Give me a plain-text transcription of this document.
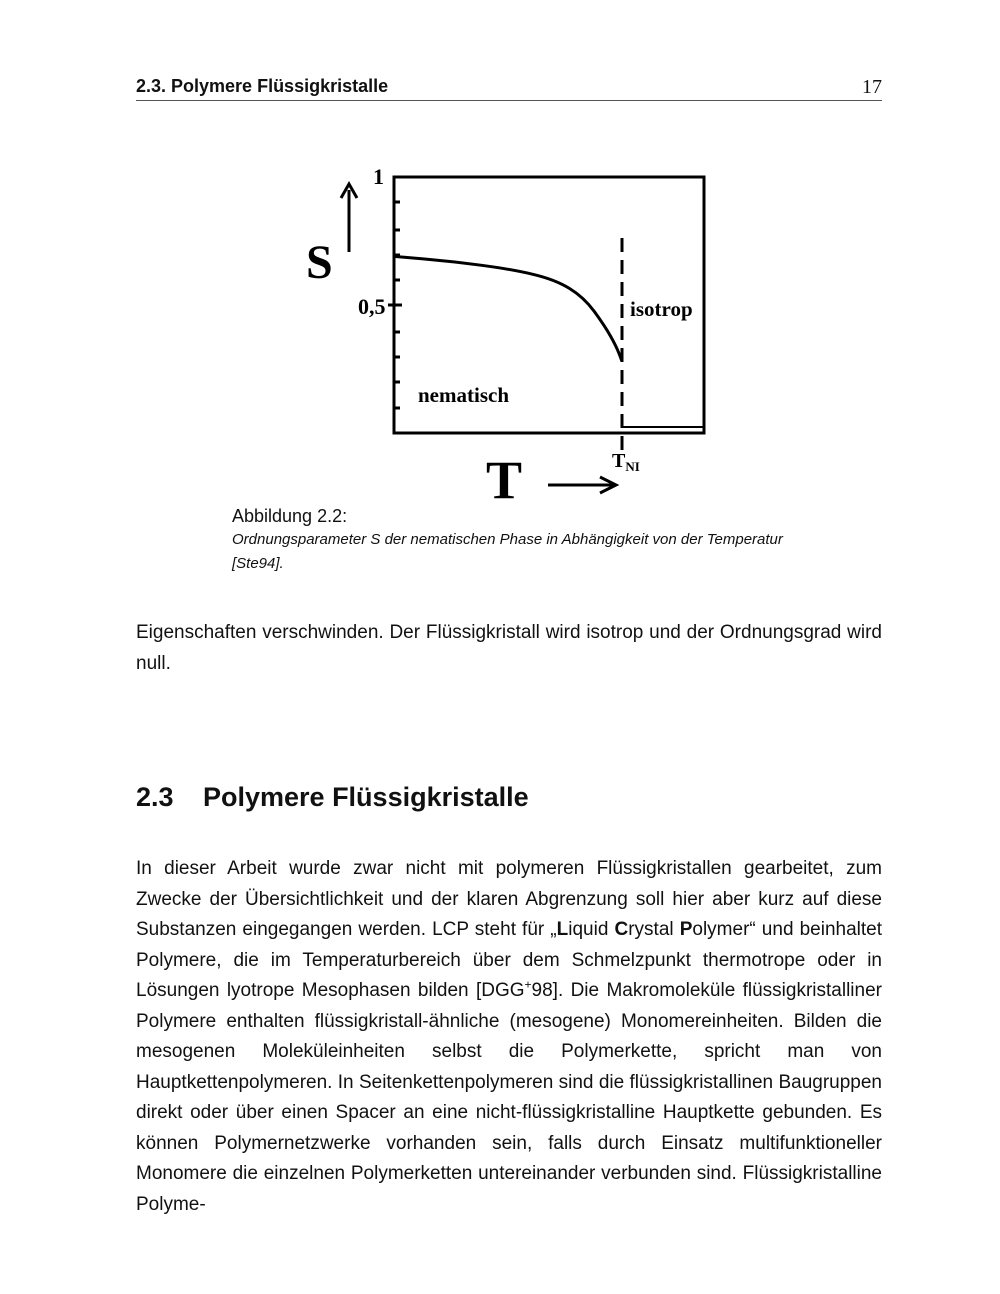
2.3. Polymere Flüssigkristalle	17
S
1
0,5
nematisch
isotrop
T	$T_{NI}$
Abbildung 2.2:
Ordnungsparameter S der nematischen Phase in Abhängigkeit von der Temperatur [Ste94].

Eigenschaften verschwinden. Der Flüssigkristall wird isotrop und der Ordnungsgrad wird null.

2.3 Polymere Flüssigkristalle

In dieser Arbeit wurde zwar nicht mit polymeren Flüssigkristallen gearbeitet, zum Zwecke der Übersichtlichkeit und der klaren Abgrenzung soll hier aber kurz auf diese Substanzen eingegangen werden. LCP steht für „Liquid Crystal Polymer“ und beinhaltet Polymere, die im Temperaturbereich über dem Schmelzpunkt thermotrope oder in Lösungen lyotrope Mesophasen bilden [DGG+98]. Die Makromoleküle flüssigkristalliner Polymere enthalten flüssigkristall-ähnliche (mesogene) Monomereinheiten. Bilden die mesogenen Moleküleinheiten selbst die Polymerkette, spricht man von Hauptkettenpolymeren. In Seitenkettenpolymeren sind die flüssigkristallinen Baugruppen direkt oder über einen Spacer an eine nicht-flüssigkristalline Hauptkette gebunden. Es können Polymernetzwerke vorhanden sein, falls durch Einsatz multifunktioneller Monomere die einzelnen Polymerketten untereinander verbunden sind. Flüssigkristalline Polyme-
